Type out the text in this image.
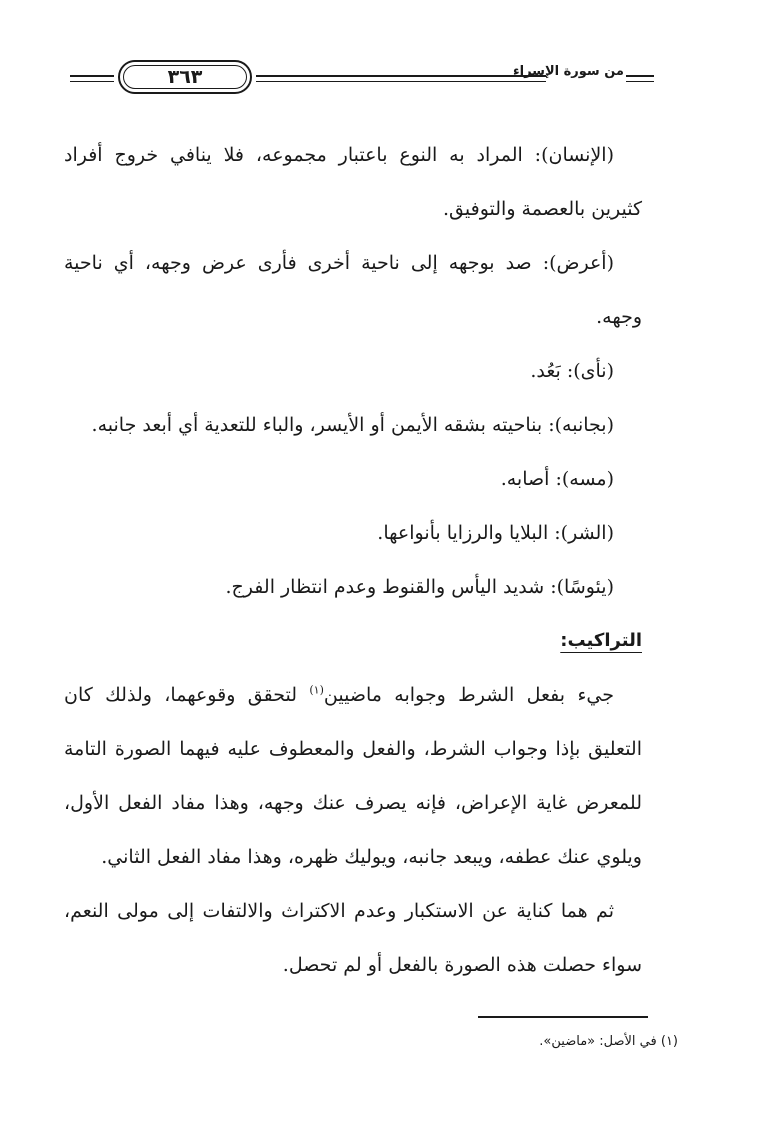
٣٦٣	من سورة الإسراء

(الإنسان): المراد به النوع باعتبار مجموعه، فلا ينافي خروج أفراد كثيرين بالعصمة والتوفيق.

(أعرض): صد بوجهه إلى ناحية أخرى فأرى عرض وجهه، أي ناحية وجهه.

(نأى): بَعُد.

(بجانبه): بناحيته بشقه الأيمن أو الأيسر، والباء للتعدية أي أبعد جانبه.

(مسه): أصابه.

(الشر): البلايا والرزايا بأنواعها.

(يئوسًا): شديد اليأس والقنوط وعدم انتظار الفرج.

التراكيب:

جيء بفعل الشرط وجوابه ماضيين$^{(١)}$ لتحقق وقوعهما، ولذلك كان التعليق بإذا وجواب الشرط، والفعل والمعطوف عليه فيهما الصورة التامة للمعرض غاية الإعراض، فإنه يصرف عنك وجهه، وهذا مفاد الفعل الأول، ويلوي عنك عطفه، ويبعد جانبه، ويوليك ظهره، وهذا مفاد الفعل الثاني.

ثم هما كناية عن الاستكبار وعدم الاكتراث والالتفات إلى مولى النعم، سواء حصلت هذه الصورة بالفعل أو لم تحصل.

(١) في الأصل: «ماضين».
